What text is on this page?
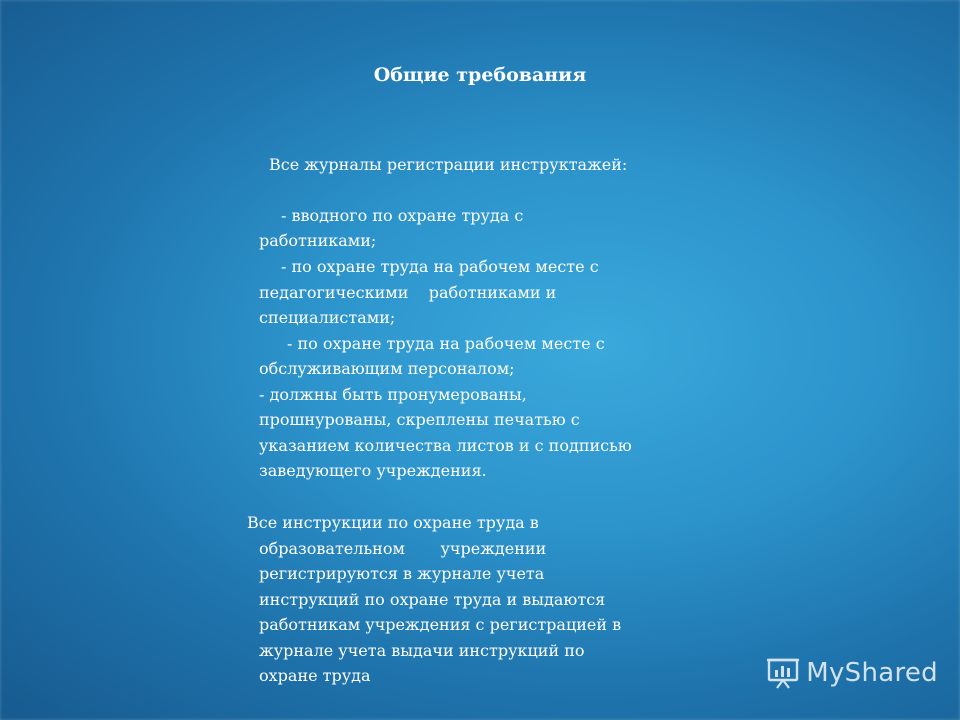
Общие требования
Все журналы регистрации инструктажей:
- вводного по охране труда с
работниками;
- по охране труда на рабочем месте с
педагогическими    работниками и
специалистами;
- по охране труда на рабочем месте с
обслуживающим персоналом;
- должны быть пронумерованы,
прошнурованы, скреплены печатью с
указанием количества листов и с подписью
заведующего учреждения.
Все инструкции по охране труда в
образовательном       учреждении
регистрируются в журнале учета
инструкций по охране труда и выдаются
работникам учреждения с регистрацией в
журнале учета выдачи инструкций по
охране труда	MyShared
